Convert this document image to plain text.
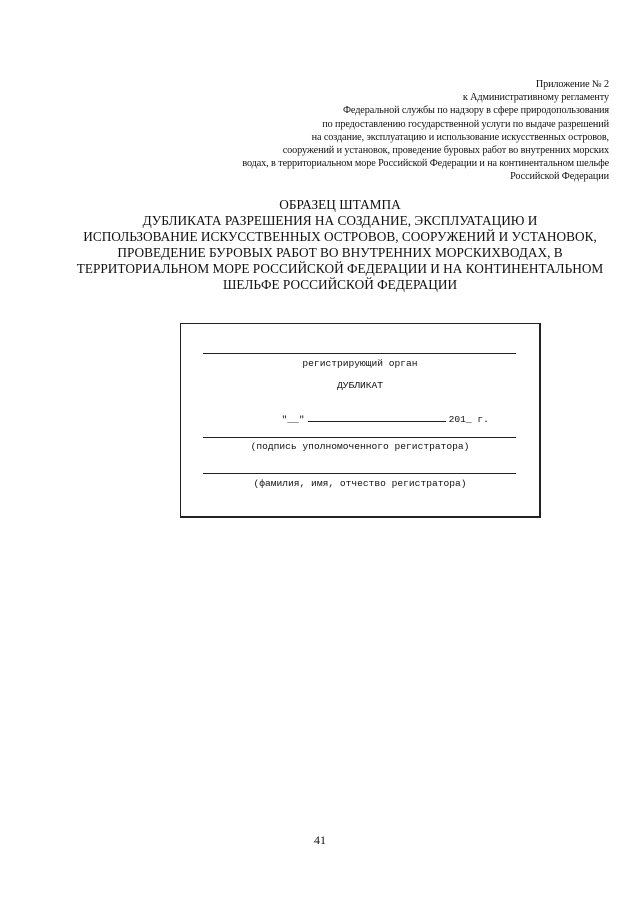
Приложение № 2
к Административному регламенту
Федеральной службы по надзору в сфере природопользования
по предоставлению государственной услуги по выдаче разрешений
на создание, эксплуатацию и использование искусственных островов,
сооружений и установок, проведение буровых работ во внутренних морских
водах, в территориальном море Российской Федерации и на континентальном шельфе
Российской Федерации
ОБРАЗЕЦ ШТАМПА
ДУБЛИКАТА РАЗРЕШЕНИЯ НА СОЗДАНИЕ, ЭКСПЛУАТАЦИЮ И
ИСПОЛЬЗОВАНИЕ ИСКУССТВЕННЫХ ОСТРОВОВ, СООРУЖЕНИЙ И УСТАНОВОК,
ПРОВЕДЕНИЕ БУРОВЫХ РАБОТ ВО ВНУТРЕННИХ МОРСКИХВОДАХ, В
ТЕРРИТОРИАЛЬНОМ МОРЕ РОССИЙСКОЙ ФЕДЕРАЦИИ И НА КОНТИНЕНТАЛЬНОМ
ШЕЛЬФЕ РОССИЙСКОЙ ФЕДЕРАЦИИ
регистрирующий орган
ДУБЛИКАТ

"__"	201_ г.

(подпись уполномоченного регистратора)
(фамилия, имя, отчество регистратора)
41
